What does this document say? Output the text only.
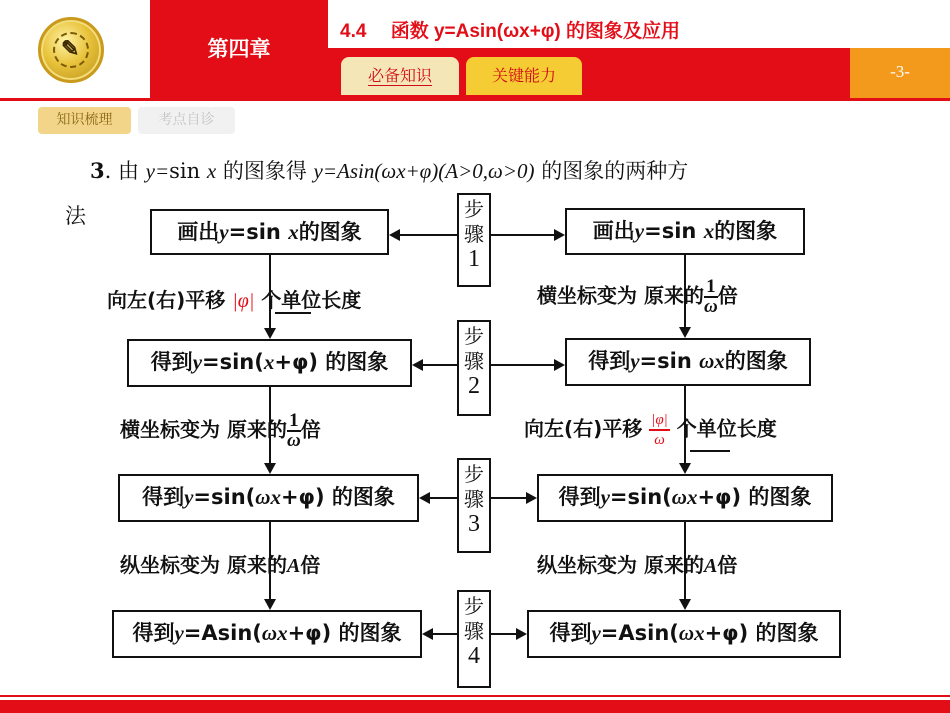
✎	第四章
4.4　 函数 y=Asin(ωx+φ) 的图象及应用
必备知识	关键能力	-3-
知识梳理	考点自诊
3. 由 y=sin x 的图象得 y=Asin(ωx+φ)(A>0,ω>0) 的图象的两种方
法	步
骤
1
步
骤
2
步
骤
3
步
骤
4
画出y=sin x的图象
得到y=sin(x+φ) 的图象
得到y=sin(ωx+φ) 的图象
得到y=Asin(ωx+φ) 的图象
画出y=sin x的图象
得到y=sin ωx的图象
得到y=sin(ωx+φ) 的图象
得到y=Asin(ωx+φ) 的图象
向左(右)平移 |φ| 个单位长度
横坐标变为 原来的 $\frac{1}{\omega}$ 倍
纵坐标变为 原来的A倍
横坐标变为 原来的 $\frac{1}{\omega}$ 倍
向左(右)平移 $\frac{|\varphi|}{\omega}$ 个单位长度
纵坐标变为 原来的A倍
